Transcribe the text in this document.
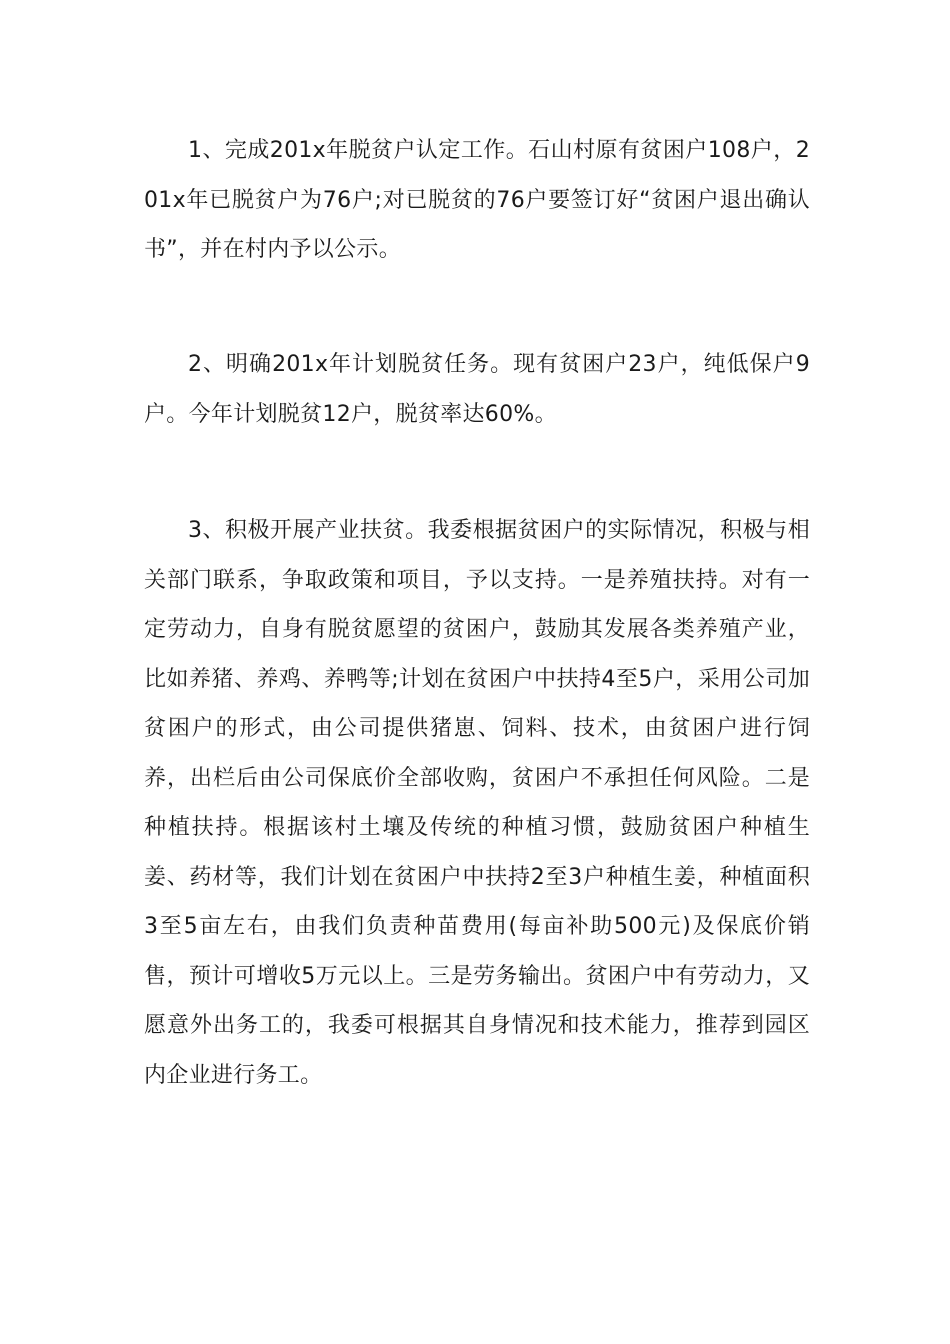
1、完成201x年脱贫户认定工作。石山村原有贫困户108户，201x年已脱贫户为76户;对已脱贫的76户要签订好“贫困户退出确认书”，并在村内予以公示。

2、明确201x年计划脱贫任务。现有贫困户23户，纯低保户9户。今年计划脱贫12户，脱贫率达60%。

3、积极开展产业扶贫。我委根据贫困户的实际情况，积极与相关部门联系，争取政策和项目，予以支持。一是养殖扶持。对有一定劳动力，自身有脱贫愿望的贫困户，鼓励其发展各类养殖产业，比如养猪、养鸡、养鸭等;计划在贫困户中扶持4至5户，采用公司加贫困户的形式，由公司提供猪崽、饲料、技术，由贫困户进行饲养，出栏后由公司保底价全部收购，贫困户不承担任何风险。二是种植扶持。根据该村土壤及传统的种植习惯，鼓励贫困户种植生姜、药材等，我们计划在贫困户中扶持2至3户种植生姜，种植面积3至5亩左右，由我们负责种苗费用(每亩补助500元)及保底价销售，预计可增收5万元以上。三是劳务输出。贫困户中有劳动力，又愿意外出务工的，我委可根据其自身情况和技术能力，推荐到园区内企业进行务工。
